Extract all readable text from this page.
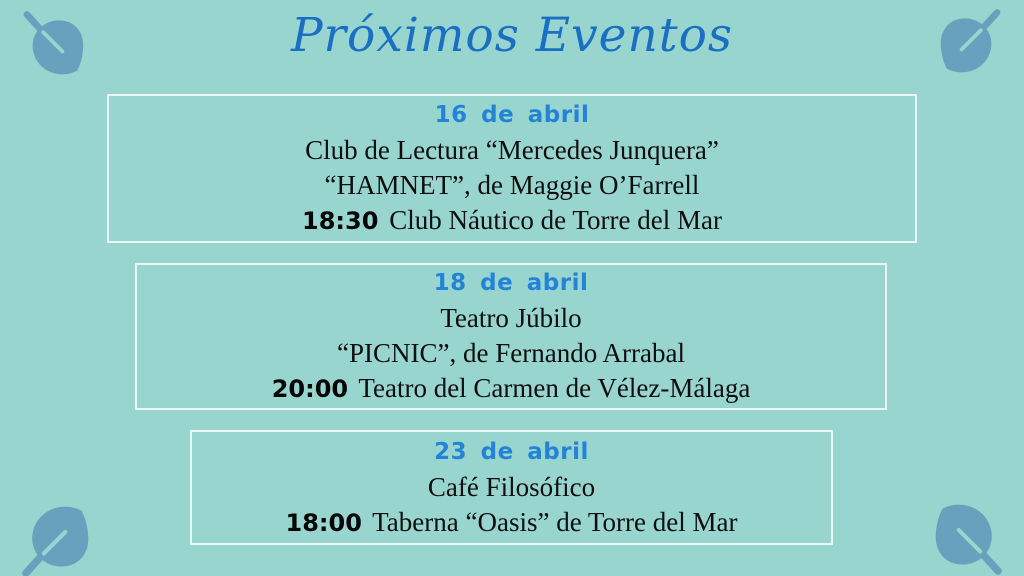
Próximos Eventos
16 de abril
Club de Lectura “Mercedes Junquera”
“HAMNET”, de Maggie O’Farrell
18:30 Club Náutico de Torre del Mar
18 de abril
Teatro Júbilo
“PICNIC”, de Fernando Arrabal
20:00 Teatro del Carmen de Vélez-Málaga
23 de abril
Café Filosófico
18:00 Taberna “Oasis” de Torre del Mar
